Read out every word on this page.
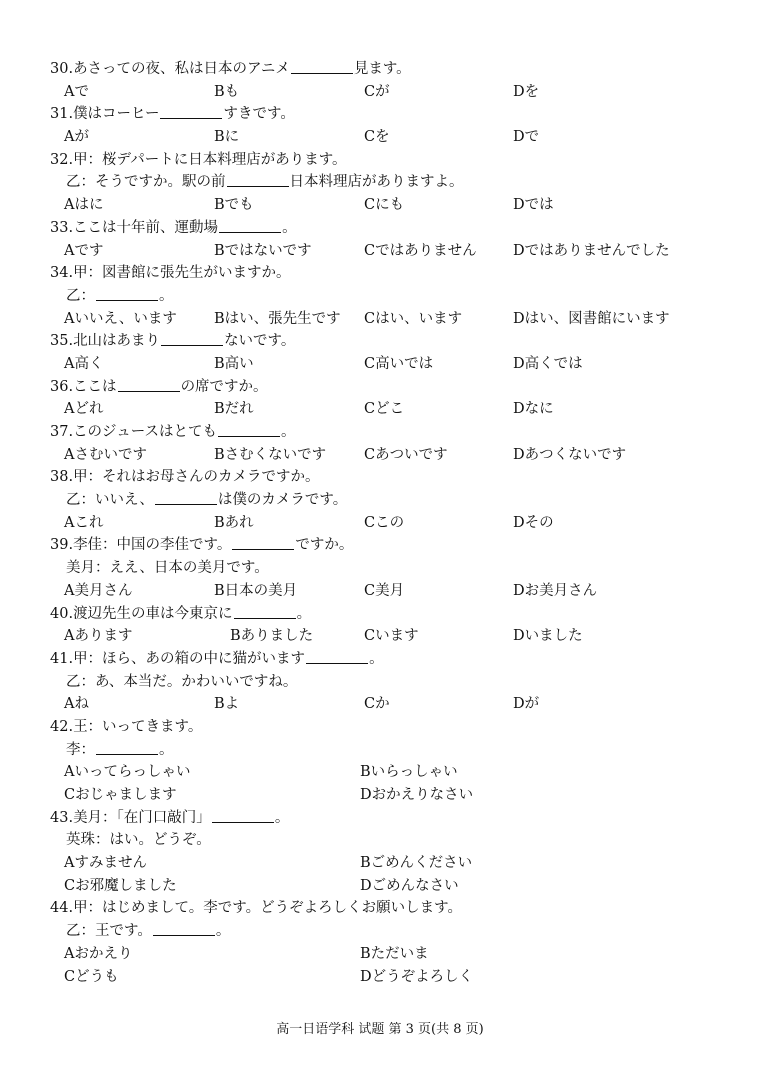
30.あさっての夜、私は日本のアニメ	見ます。
Aで	Bも	Cが	Dを
31.僕はコーヒー	すきです。
Aが	Bに	Cを	Dで
32.甲：桜デパートに日本料理店があります。
乙：そうですか。駅の前	日本料理店がありますよ。
Aはに	Bでも	Cにも	Dでは
33.ここは十年前、運動場	。
Aです	Bではないです	Cではありません	Dではありませんでした
34.甲：図書館に張先生がいますか。
乙：	。
Aいいえ、います	Bはい、張先生です Cはい、います	Dはい、図書館にいます
35.北山はあまり	ないです。
A高く	B高い	C高いでは	D高くでは
36.ここは	の席ですか。
Aどれ	Bだれ	Cどこ	Dなに
37.このジュースはとても	。
Aさむいです	Bさむくないです	Cあついです	Dあつくないです
38.甲：それはお母さんのカメラですか。
乙：いいえ、	は僕のカメラです。
Aこれ	Bあれ	Cこの	Dその
39.李佳：中国の李佳です。	ですか。
美月：ええ、日本の美月です。
A美月さん	B日本の美月	C美月	Dお美月さん
40.渡辺先生の車は今東京に	。
Aあります	Bありました	Cいます	Dいました
41.甲：ほら、あの箱の中に猫がいます	。
乙：あ、本当だ。かわいいですね。
Aね	Bよ	Cか	Dが
42.王：いってきます。
李：	。
Aいってらっしゃい	Bいらっしゃい
Cおじゃまします	Dおかえりなさい
43.美月：「在门口敲门」	。
英珠：はい。どうぞ。
Aすみません	Bごめんください
Cお邪魔しました	Dごめんなさい
44.甲：はじめまして。李です。どうぞよろしくお願いします。
乙：王です。	。
Aおかえり	Bただいま
Cどうも	Dどうぞよろしく
高一日语学科 试题 第 3 页(共 8 页)
